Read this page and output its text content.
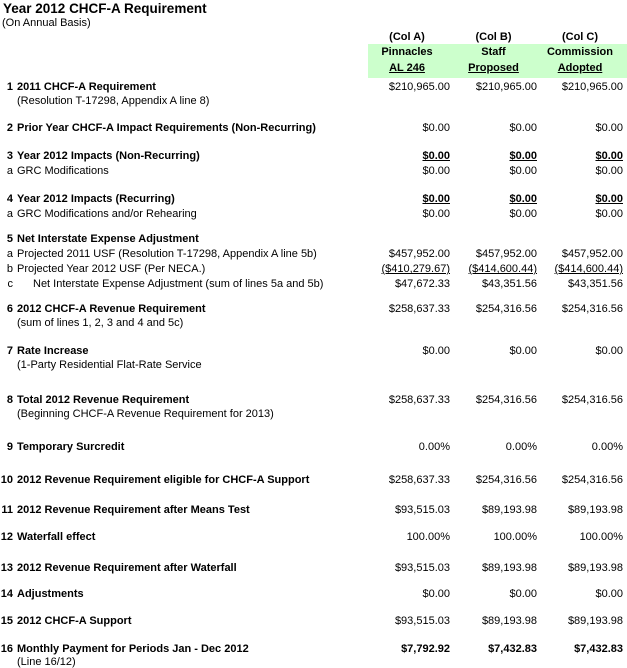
Year 2012 CHCF-A Requirement
(On Annual Basis)
(Col A)	(Col B)	(Col C)
Pinnacles	Staff	Commission
AL 246	Proposed	Adopted
1 2011 CHCF-A Requirement	$210,965.00	$210,965.00	$210,965.00
(Resolution T-17298, Appendix A line 8)
2 Prior Year CHCF-A Impact Requirements (Non-Recurring)	$0.00	$0.00	$0.00
3 Year 2012 Impacts (Non-Recurring)	$0.00	$0.00	$0.00
a GRC Modifications	$0.00	$0.00	$0.00
4 Year 2012 Impacts (Recurring)	$0.00	$0.00	$0.00
a GRC Modifications and/or Rehearing	$0.00	$0.00	$0.00
5 Net Interstate Expense Adjustment
a Projected 2011 USF (Resolution T-17298, Appendix A line 5b)	$457,952.00	$457,952.00	$457,952.00
b Projected Year 2012 USF (Per NECA.)	($410,279.67)	($414,600.44)	($414,600.44)
c	Net Interstate Expense Adjustment (sum of lines 5a and 5b)	$47,672.33	$43,351.56	$43,351.56
6 2012 CHCF-A Revenue Requirement	$258,637.33	$254,316.56	$254,316.56
(sum of lines 1, 2, 3 and 4 and 5c)
7 Rate Increase	$0.00	$0.00	$0.00
(1-Party Residential Flat-Rate Service
8 Total 2012 Revenue Requirement	$258,637.33	$254,316.56	$254,316.56
(Beginning CHCF-A Revenue Requirement for 2013)
9 Temporary Surcredit	0.00%	0.00%	0.00%
10 2012 Revenue Requirement eligible for CHCF-A Support	$258,637.33	$254,316.56	$254,316.56
11 2012 Revenue Requirement after Means Test	$93,515.03	$89,193.98	$89,193.98
12 Waterfall effect	100.00%	100.00%	100.00%
13 2012 Revenue Requirement after Waterfall	$93,515.03	$89,193.98	$89,193.98
14 Adjustments	$0.00	$0.00	$0.00
15 2012 CHCF-A Support	$93,515.03	$89,193.98	$89,193.98
16 Monthly Payment for Periods Jan - Dec 2012	$7,792.92	$7,432.83	$7,432.83
(Line 16/12)
